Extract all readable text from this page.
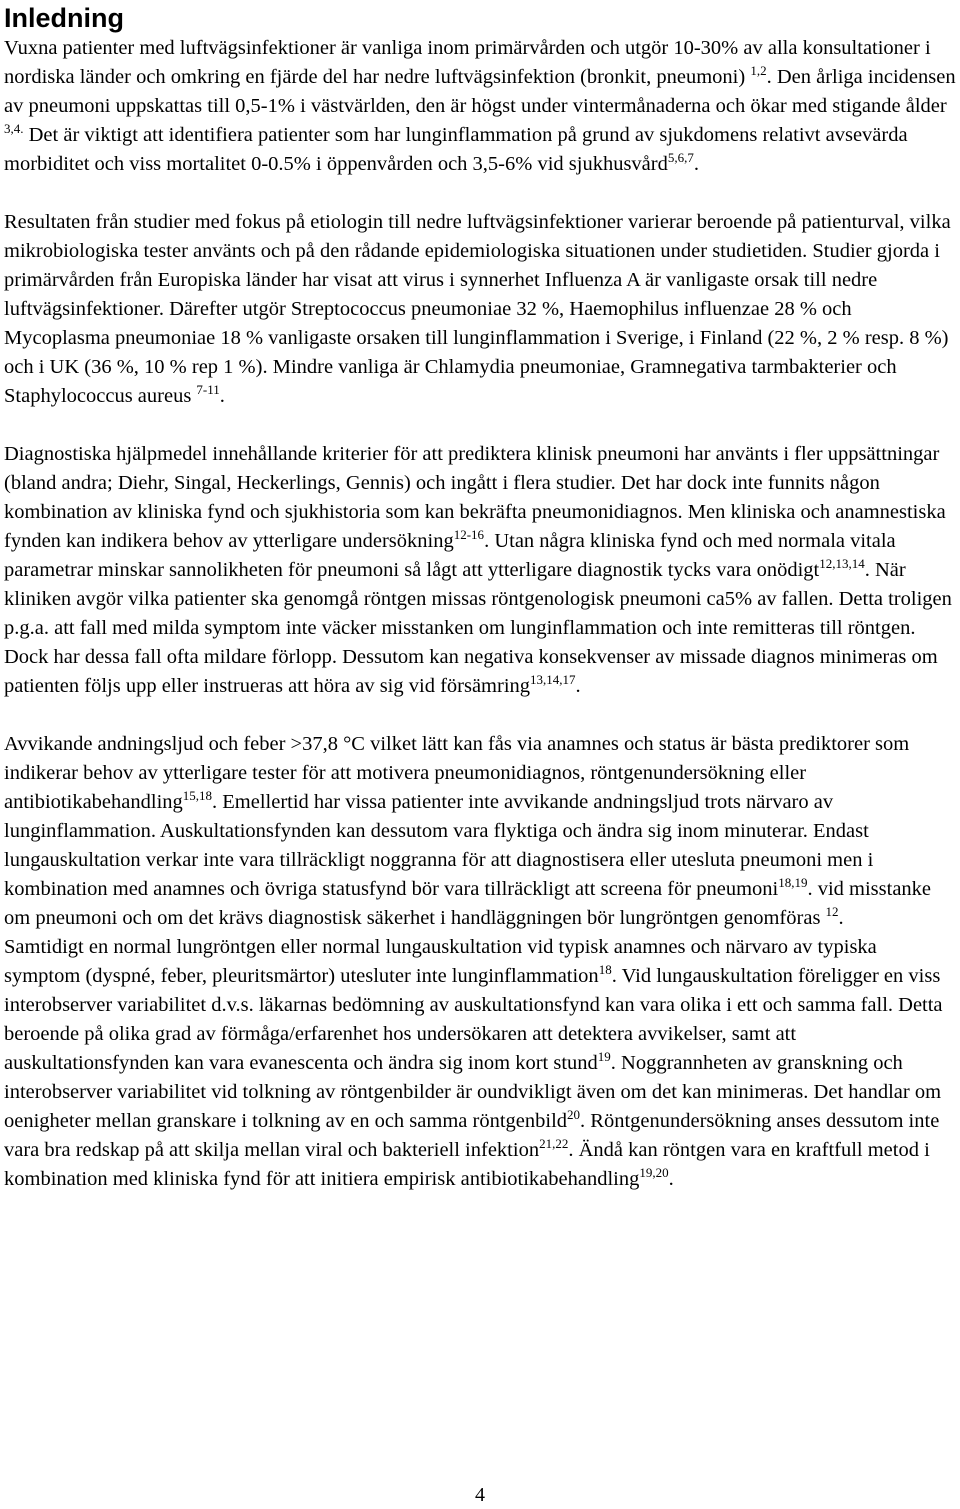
Inledning

Vuxna patienter med luftvägsinfektioner är vanliga inom primärvården och utgör 10-30% av alla konsultationer i nordiska länder och omkring en fjärde del har nedre luftvägsinfektion (bronkit, pneumoni) $^{1,2}$. Den årliga incidensen av pneumoni uppskattas till 0,5-1% i västvärlden, den är högst under vintermånaderna och ökar med stigande ålder $^{3,4.}$ Det är viktigt att identifiera patienter som har lunginflammation på grund av sjukdomens relativt avsevärda morbiditet och viss mortalitet 0-0.5% i öppenvården och 3,5-6% vid sjukhusvård$^{5,6,7}$.

Resultaten från studier med fokus på etiologin till nedre luftvägsinfektioner varierar beroende på patienturval, vilka mikrobiologiska tester använts och på den rådande epidemiologiska situationen under studietiden. Studier gjorda i primärvården från Europiska länder har visat att virus i synnerhet Influenza A är vanligaste orsak till nedre luftvägsinfektioner. Därefter utgör Streptococcus pneumoniae 32 %, Haemophilus influenzae 28 % och Mycoplasma pneumoniae 18 % vanligaste orsaken till lunginflammation i Sverige, i Finland (22 %, 2 % resp. 8 %) och i UK (36 %, 10 % rep 1 %). Mindre vanliga är Chlamydia pneumoniae, Gramnegativa tarmbakterier och Staphylococcus aureus $^{7-11}$.

Diagnostiska hjälpmedel innehållande kriterier för att prediktera klinisk pneumoni har använts i fler uppsättningar (bland andra; Diehr, Singal, Heckerlings, Gennis) och ingått i flera studier. Det har dock inte funnits någon kombination av kliniska fynd och sjukhistoria som kan bekräfta pneumonidiagnos. Men kliniska och anamnestiska fynden kan indikera behov av ytterligare undersökning$^{12-16}$. Utan några kliniska fynd och med normala vitala parametrar minskar sannolikheten för pneumoni så lågt att ytterligare diagnostik tycks vara onödigt$^{12,13,14}$. När kliniken avgör vilka patienter ska genomgå röntgen missas röntgenologisk pneumoni ca5% av fallen. Detta troligen p.g.a. att fall med milda symptom inte väcker misstanken om lunginflammation och inte remitteras till röntgen. Dock har dessa fall ofta mildare förlopp. Dessutom kan negativa konsekvenser av missade diagnos minimeras om patienten följs upp eller instrueras att höra av sig vid försämring$^{13,14,17}$.

Avvikande andningsljud och feber >37,8 °C vilket lätt kan fås via anamnes och status är bästa prediktorer som indikerar behov av ytterligare tester för att motivera pneumonidiagnos, röntgenundersökning eller antibiotikabehandling$^{15,18}$. Emellertid har vissa patienter inte avvikande andningsljud trots närvaro av lunginflammation. Auskultationsfynden kan dessutom vara flyktiga och ändra sig inom minuterar. Endast lungauskultation verkar inte vara tillräckligt noggranna för att diagnostisera eller utesluta pneumoni men i kombination med anamnes och övriga statusfynd bör vara tillräckligt att screena för pneumoni$^{18,19}$. vid misstanke om pneumoni och om det krävs diagnostisk säkerhet i handläggningen bör lungröntgen genomföras $^{12}$.

Samtidigt en normal lungröntgen eller normal lungauskultation vid typisk anamnes och närvaro av typiska symptom (dyspné, feber, pleuritsmärtor) utesluter inte lunginflammation$^{18}$. Vid lungauskultation föreligger en viss interobserver variabilitet d.v.s. läkarnas bedömning av auskultationsfynd kan vara olika i ett och samma fall. Detta beroende på olika grad av förmåga/erfarenhet hos undersökaren att detektera avvikelser, samt att auskultationsfynden kan vara evanescenta och ändra sig inom kort stund$^{19}$. Noggrannheten av granskning och interobserver variabilitet vid tolkning av röntgenbilder är oundvikligt även om det kan minimeras. Det handlar om oenigheter mellan granskare i tolkning av en och samma röntgenbild$^{20}$. Röntgenundersökning anses dessutom inte vara bra redskap på att skilja mellan viral och bakteriell infektion$^{21,22}$. Ändå kan röntgen vara en kraftfull metod i kombination med kliniska fynd för att initiera empirisk antibiotikabehandling$^{19,20}$.

4
